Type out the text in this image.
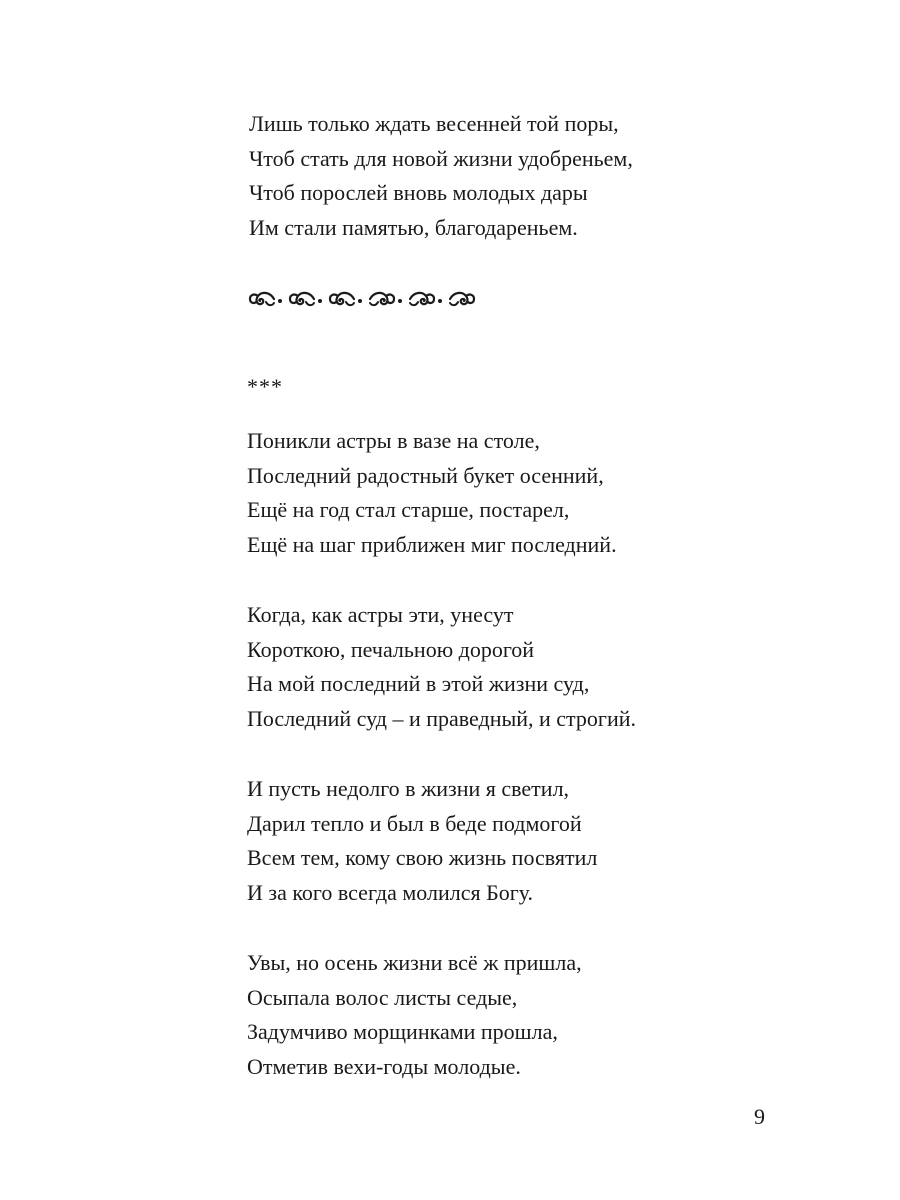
Лишь только ждать весенней той поры,
Чтоб стать для новой жизни удобреньем,
Чтоб порослей вновь молодых дары
Им стали памятью, благодареньем.
***
Поникли астры в вазе на столе,
Последний радостный букет осенний,
Ещё на год стал старше, постарел,
Ещё на шаг приближен миг последний.
Когда, как астры эти, унесут
Короткою, печальною дорогой
На мой последний в этой жизни суд,
Последний суд – и праведный, и строгий.
И пусть недолго в жизни я светил,
Дарил тепло и был в беде подмогой
Всем тем, кому свою жизнь посвятил
И за кого всегда молился Богу.
Увы, но осень жизни всё ж пришла,
Осыпала волос листы седые,
Задумчиво морщинками прошла,
Отметив вехи-годы молодые.
9
